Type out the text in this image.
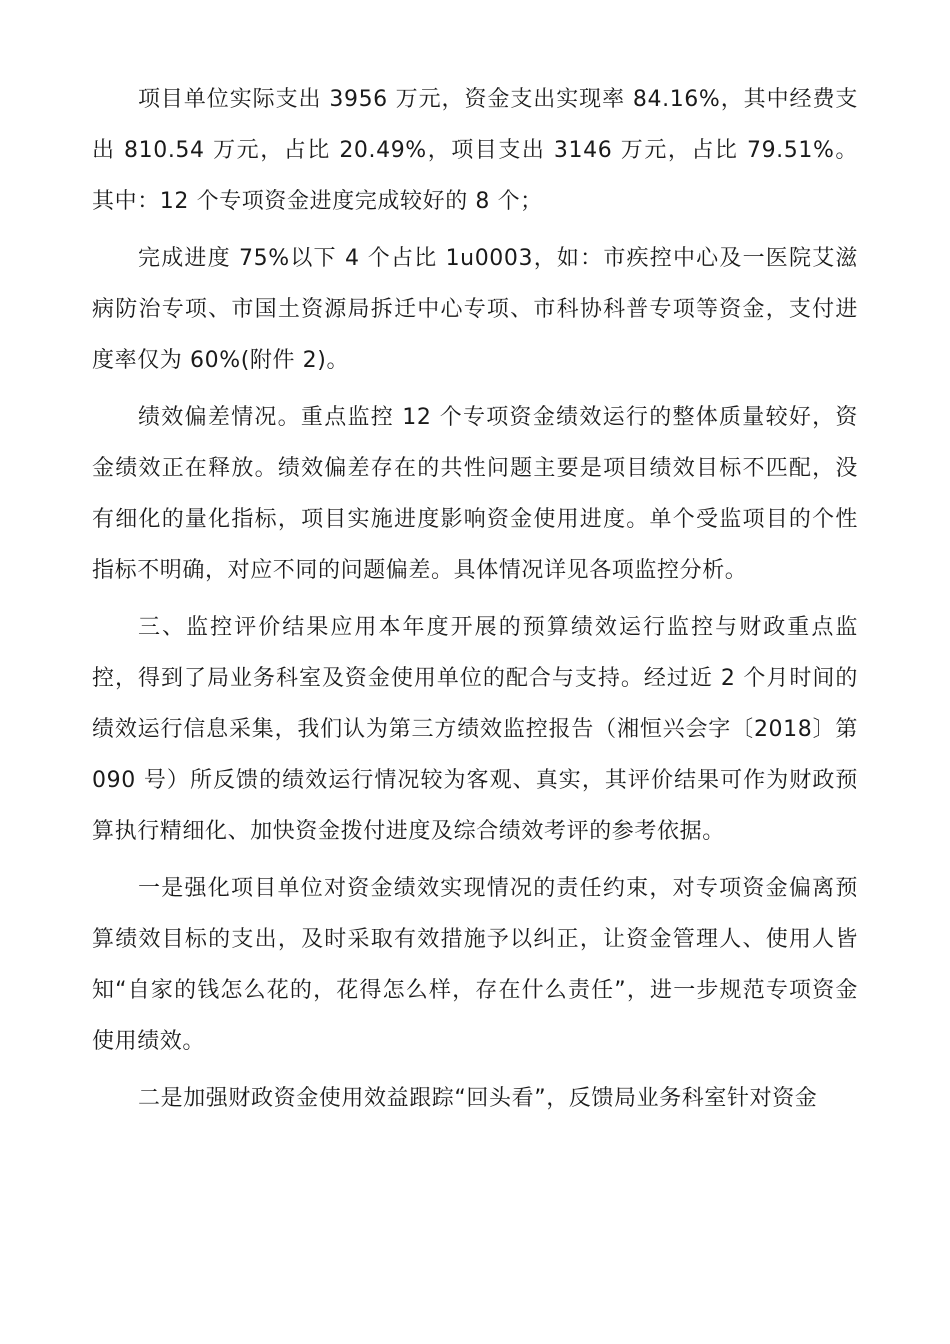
项目单位实际支出 3956 万元，资金支出实现率 84.16%，其中经费支出 810.54 万元，占比 20.49%，项目支出 3146 万元，占比 79.51%。其中：12 个专项资金进度完成较好的 8 个；

完成进度 75%以下 4 个占比 1u0003，如：市疾控中心及一医院艾滋病防治专项、市国土资源局拆迁中心专项、市科协科普专项等资金，支付进度率仅为 60%(附件 2)。

绩效偏差情况。重点监控 12 个专项资金绩效运行的整体质量较好，资金绩效正在释放。绩效偏差存在的共性问题主要是项目绩效目标不匹配，没有细化的量化指标，项目实施进度影响资金使用进度。单个受监项目的个性指标不明确，对应不同的问题偏差。具体情况详见各项监控分析。

三、监控评价结果应用本年度开展的预算绩效运行监控与财政重点监控，得到了局业务科室及资金使用单位的配合与支持。经过近 2 个月时间的绩效运行信息采集，我们认为第三方绩效监控报告（湘恒兴会字〔2018〕第 090 号）所反馈的绩效运行情况较为客观、真实，其评价结果可作为财政预算执行精细化、加快资金拨付进度及综合绩效考评的参考依据。

一是强化项目单位对资金绩效实现情况的责任约束，对专项资金偏离预算绩效目标的支出，及时采取有效措施予以纠正，让资金管理人、使用人皆知“自家的钱怎么花的，花得怎么样，存在什么责任”，进一步规范专项资金使用绩效。

二是加强财政资金使用效益跟踪“回头看”，反馈局业务科室针对资金
